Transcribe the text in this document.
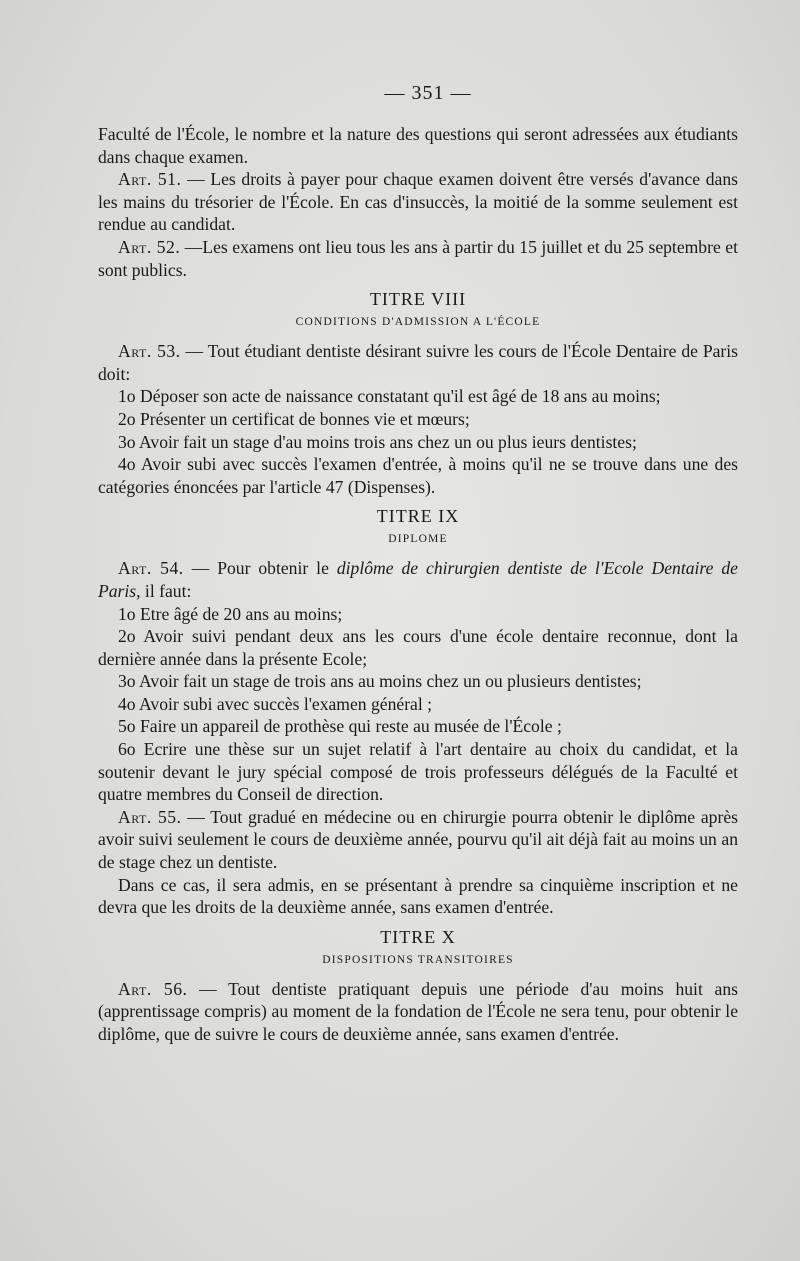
— 351 —

Faculté de l'École, le nombre et la nature des questions qui seront adressées aux étudiants dans chaque examen.

Art. 51. — Les droits à payer pour chaque examen doivent être versés d'avance dans les mains du trésorier de l'École. En cas d'insuccès, la moitié de la somme seulement est rendue au candidat.

Art. 52. —Les examens ont lieu tous les ans à partir du 15 juillet et du 25 septembre et sont publics.

TITRE VIII
CONDITIONS D'ADMISSION A L'ÉCOLE

Art. 53. — Tout étudiant dentiste désirant suivre les cours de l'École Dentaire de Paris doit:

1o Déposer son acte de naissance constatant qu'il est âgé de 18 ans au moins;

2o Présenter un certificat de bonnes vie et mœurs;

3o Avoir fait un stage d'au moins trois ans chez un ou plus ieurs dentistes;

4o Avoir subi avec succès l'examen d'entrée, à moins qu'il ne se trouve dans une des catégories énoncées par l'article 47 (Dispenses).

TITRE IX
DIPLOME

Art. 54. — Pour obtenir le diplôme de chirurgien dentiste de l'Ecole Dentaire de Paris, il faut:

1o Etre âgé de 20 ans au moins;

2o Avoir suivi pendant deux ans les cours d'une école dentaire reconnue, dont la dernière année dans la présente Ecole;

3o Avoir fait un stage de trois ans au moins chez un ou plusieurs dentistes;

4o Avoir subi avec succès l'examen général ;

5o Faire un appareil de prothèse qui reste au musée de l'École ;

6o Ecrire une thèse sur un sujet relatif à l'art dentaire au choix du candidat, et la soutenir devant le jury spécial composé de trois professeurs délégués de la Faculté et quatre membres du Conseil de direction.

Art. 55. — Tout gradué en médecine ou en chirurgie pourra obtenir le diplôme après avoir suivi seulement le cours de deuxième année, pourvu qu'il ait déjà fait au moins un an de stage chez un dentiste.

Dans ce cas, il sera admis, en se présentant à prendre sa cinquième inscription et ne devra que les droits de la deuxième année, sans examen d'entrée.

TITRE X
DISPOSITIONS TRANSITOIRES

Art. 56. — Tout dentiste pratiquant depuis une période d'au moins huit ans (apprentissage compris) au moment de la fondation de l'École ne sera tenu, pour obtenir le diplôme, que de suivre le cours de deuxième année, sans examen d'entrée.
